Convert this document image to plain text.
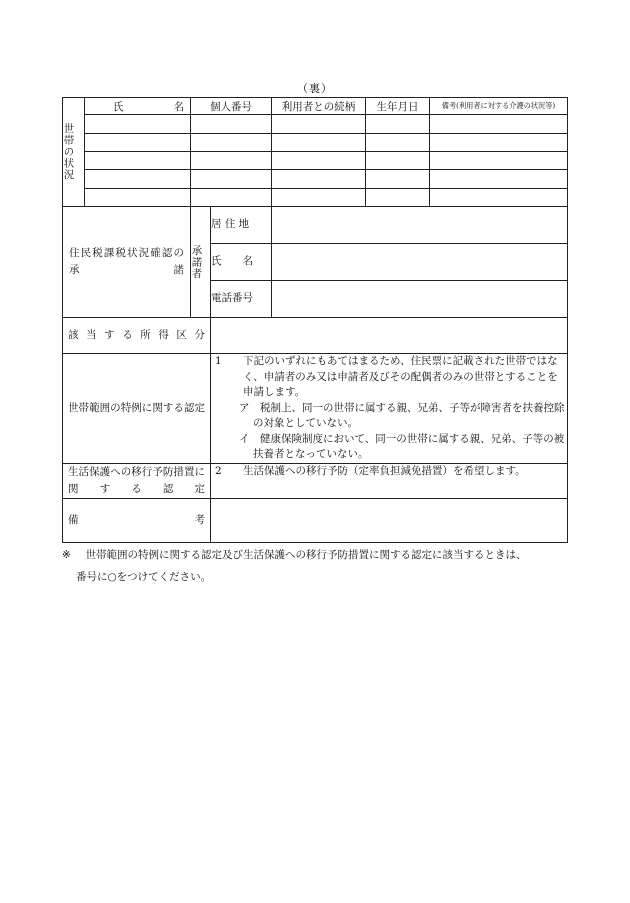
（裏）
世帯の状況	氏　　　名	個人番号		利用者との続柄	生年月日	備考(利用者に対する介護の状況等)

住民税課税状況確認の承諾		承諾者	居 住 地			
			氏　　名			
			電話番号			

該当する所得区分						

世帯範囲の特例に関する認定			1 下記のいずれにもあてはまるため、住民票に記載された世帯ではなく、申請者のみ又は申請者及びその配偶者のみの世帯とすることを申請します。
ア　税制上、同一の世帯に属する親、兄弟、子等が障害者を扶養控除の対象としていない。
イ　健康保険制度において、同一の世帯に属する親、兄弟、子等の被扶養者となっていない。			

生活保護への移行予防措置に関する認定			2 生活保護への移行予防（定率負担減免措置）を希望します。			

備　　　　　　　考						

※ 世帯範囲の特例に関する認定及び生活保護への移行予防措置に関する認定に該当するときは、
番号に○をつけてください。
